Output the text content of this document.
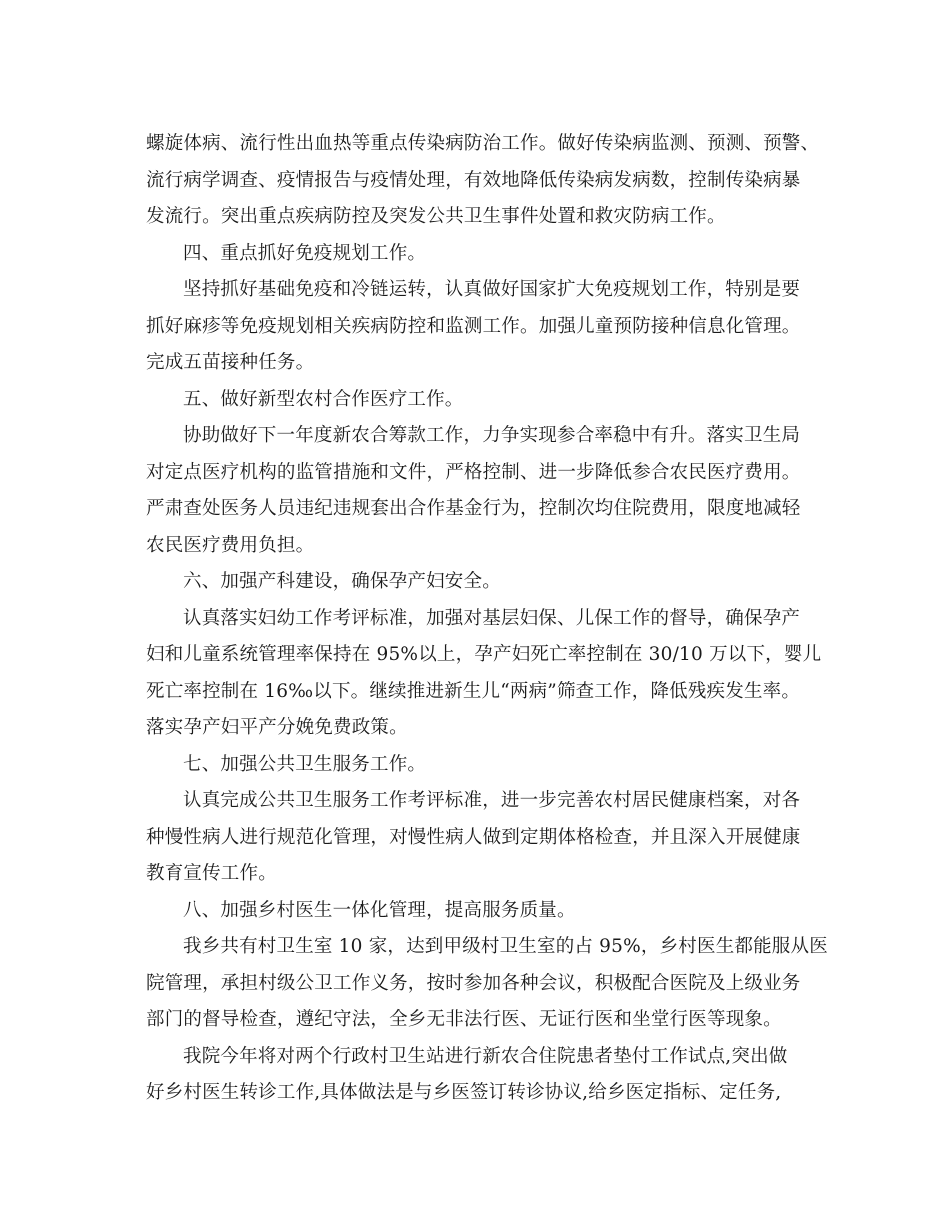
螺旋体病、流行性出血热等重点传染病防治工作。做好传染病监测、预测、预警、
流行病学调查、疫情报告与疫情处理，有效地降低传染病发病数，控制传染病暴
发流行。突出重点疾病防控及突发公共卫生事件处置和救灾防病工作。
四、重点抓好免疫规划工作。
坚持抓好基础免疫和冷链运转，认真做好国家扩大免疫规划工作，特别是要
抓好麻疹等免疫规划相关疾病防控和监测工作。加强儿童预防接种信息化管理。
完成五苗接种任务。
五、做好新型农村合作医疗工作。
协助做好下一年度新农合筹款工作，力争实现参合率稳中有升。落实卫生局
对定点医疗机构的监管措施和文件，严格控制、进一步降低参合农民医疗费用。
严肃查处医务人员违纪违规套出合作基金行为，控制次均住院费用，限度地减轻
农民医疗费用负担。
六、加强产科建设，确保孕产妇安全。
认真落实妇幼工作考评标准，加强对基层妇保、儿保工作的督导，确保孕产
妇和儿童系统管理率保持在 95%以上，孕产妇死亡率控制在 30/10 万以下，婴儿
死亡率控制在 16‰以下。继续推进新生儿“两病”筛查工作，降低残疾发生率。
落实孕产妇平产分娩免费政策。
七、加强公共卫生服务工作。
认真完成公共卫生服务工作考评标准，进一步完善农村居民健康档案，对各
种慢性病人进行规范化管理，对慢性病人做到定期体格检查，并且深入开展健康
教育宣传工作。
八、加强乡村医生一体化管理，提高服务质量。
我乡共有村卫生室 10 家，达到甲级村卫生室的占 95%，乡村医生都能服从医
院管理，承担村级公卫工作义务，按时参加各种会议，积极配合医院及上级业务
部门的督导检查，遵纪守法，全乡无非法行医、无证行医和坐堂行医等现象。
我院今年将对两个行政村卫生站进行新农合住院患者垫付工作试点,突出做
好乡村医生转诊工作,具体做法是与乡医签订转诊协议,给乡医定指标、定任务,
